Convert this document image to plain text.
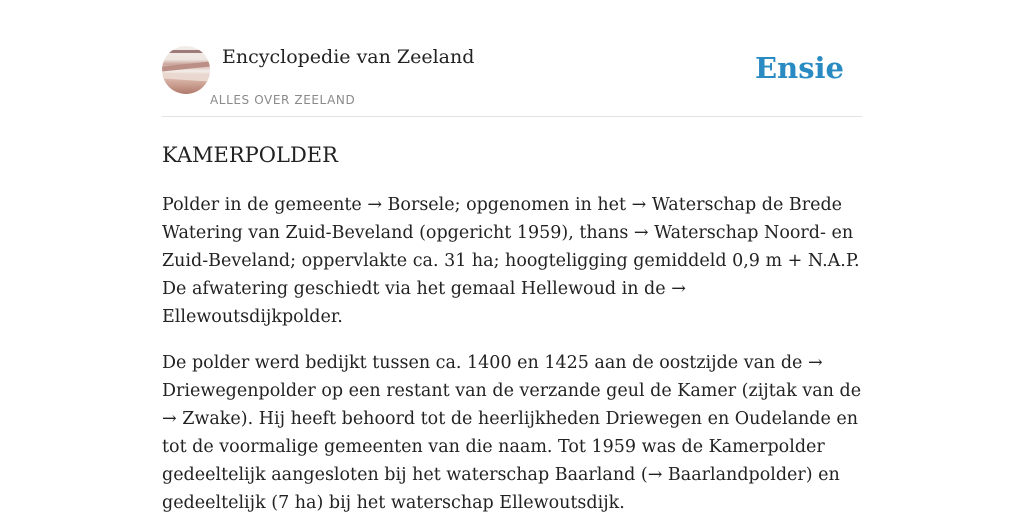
Encyclopedie van Zeeland
ALLES OVER ZEELAND
Ensie
KAMERPOLDER

Polder in de gemeente → Borsele; opgenomen in het → Waterschap de Brede Watering van Zuid-Beveland (opgericht 1959), thans → Waterschap Noord- en Zuid-Beveland; oppervlakte ca. 31 ha; hoogteligging gemiddeld 0,9 m + N.A.P. De afwatering geschiedt via het gemaal Hellewoud in de → Ellewoutsdijkpolder.

De polder werd bedijkt tussen ca. 1400 en 1425 aan de oostzijde van de → Driewegenpolder op een restant van de verzande geul de Kamer (zijtak van de → Zwake). Hij heeft behoord tot de heerlijkheden Driewegen en Oudelande en tot de voormalige gemeenten van die naam. Tot 1959 was de Kamerpolder gedeeltelijk aangesloten bij het waterschap Baarland (→ Baarlandpolder) en gedeeltelijk (7 ha) bij het waterschap Ellewoutsdijk.
